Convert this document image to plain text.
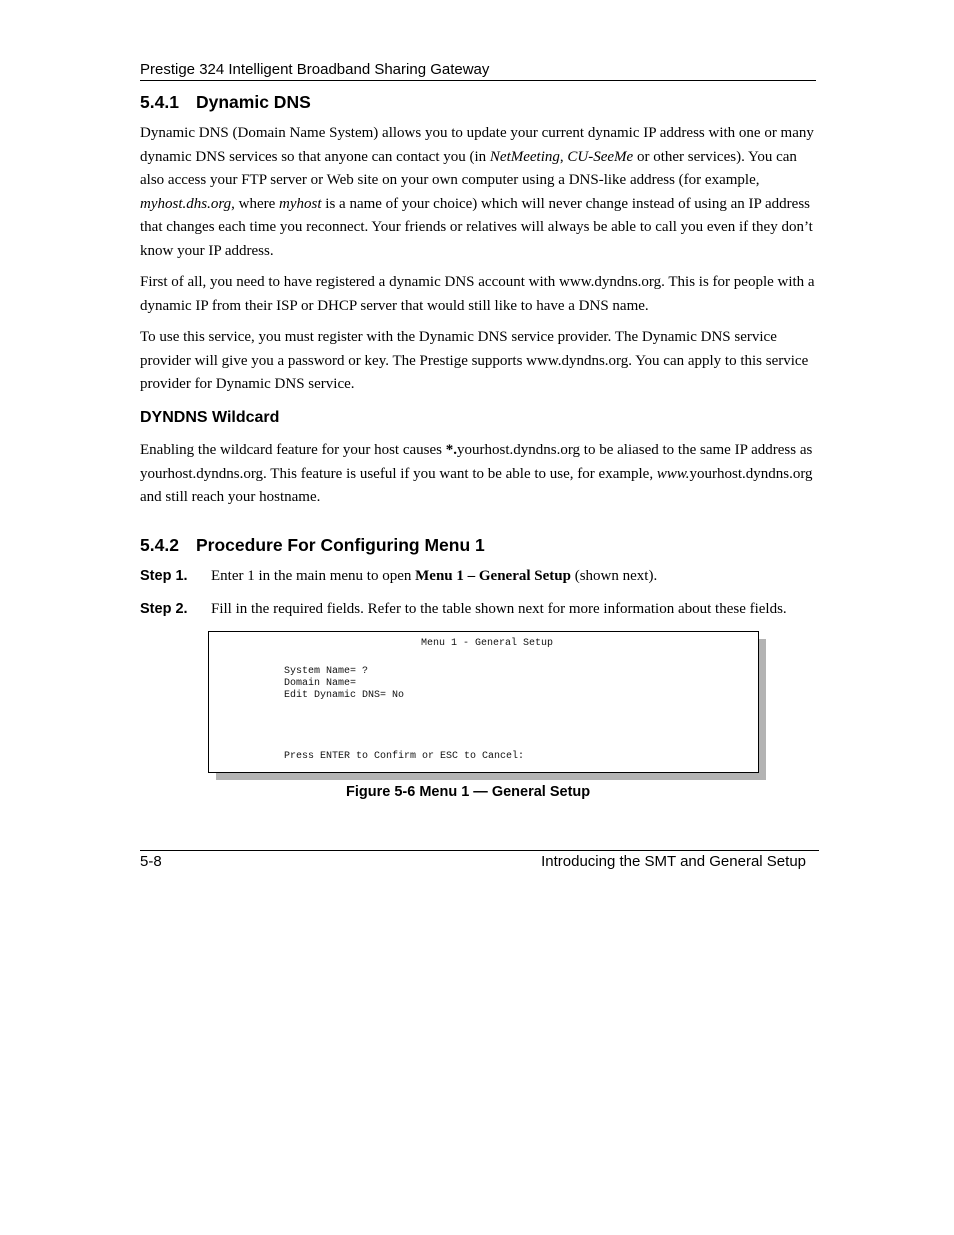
Prestige 324 Intelligent Broadband Sharing Gateway
5.4.1 Dynamic DNS

Dynamic DNS (Domain Name System) allows you to update your current dynamic IP address with one or many dynamic DNS services so that anyone can contact you (in NetMeeting, CU-SeeMe or other services). You can also access your FTP server or Web site on your own computer using a DNS-like address (for example, myhost.dhs.org, where myhost is a name of your choice) which will never change instead of using an IP address that changes each time you reconnect. Your friends or relatives will always be able to call you even if they don’t know your IP address.

First of all, you need to have registered a dynamic DNS account with www.dyndns.org. This is for people with a dynamic IP from their ISP or DHCP server that would still like to have a DNS name.

To use this service, you must register with the Dynamic DNS service provider. The Dynamic DNS service provider will give you a password or key. The Prestige supports www.dyndns.org. You can apply to this service provider for Dynamic DNS service.

DYNDNS Wildcard

Enabling the wildcard feature for your host causes *.yourhost.dyndns.org to be aliased to the same IP address as yourhost.dyndns.org. This feature is useful if you want to be able to use, for example, www.yourhost.dyndns.org and still reach your hostname.

5.4.2 Procedure For Configuring Menu 1
Step 1. Enter 1 in the main menu to open Menu 1 – General Setup (shown next).
Step 2. Fill in the required fields. Refer to the table shown next for more information about these fields.
Menu 1 - General Setup
System Name= ?
Domain Name=
Edit Dynamic DNS= No
Press ENTER to Confirm or ESC to Cancel:
Figure 5-6 Menu 1 — General Setup
5-8	Introducing the SMT and General Setup
